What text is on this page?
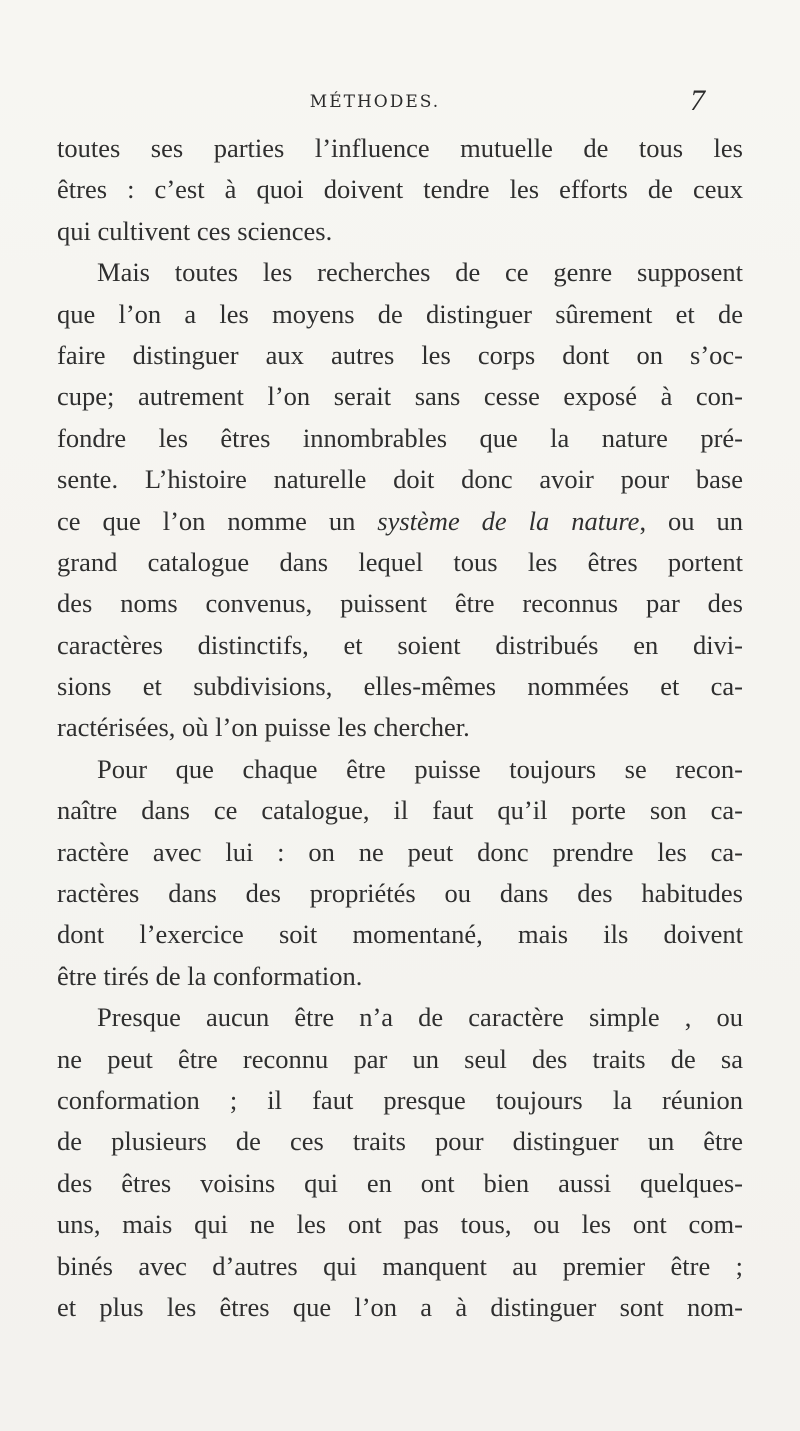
MÉTHODES.	7
toutes ses parties l’influence mutuelle de tous les
êtres : c’est à quoi doivent tendre les efforts de ceux
qui cultivent ces sciences.
Mais toutes les recherches de ce genre supposent
que l’on a les moyens de distinguer sûrement et de
faire distinguer aux autres les corps dont on s’oc-
cupe; autrement l’on serait sans cesse exposé à con-
fondre les êtres innombrables que la nature pré-
sente. L’histoire naturelle doit donc avoir pour base
ce que l’on nomme un système de la nature, ou un
grand catalogue dans lequel tous les êtres portent
des noms convenus, puissent être reconnus par des
caractères distinctifs, et soient distribués en divi-
sions et subdivisions, elles-mêmes nommées et ca-
ractérisées, où l’on puisse les chercher.
Pour que chaque être puisse toujours se recon-
naître dans ce catalogue, il faut qu’il porte son ca-
ractère avec lui : on ne peut donc prendre les ca-
ractères dans des propriétés ou dans des habitudes
dont l’exercice soit momentané, mais ils doivent
être tirés de la conformation.
Presque aucun être n’a de caractère simple , ou
ne peut être reconnu par un seul des traits de sa
conformation ; il faut presque toujours la réunion
de plusieurs de ces traits pour distinguer un être
des êtres voisins qui en ont bien aussi quelques-
uns, mais qui ne les ont pas tous, ou les ont com-
binés avec d’autres qui manquent au premier être ;
et plus les êtres que l’on a à distinguer sont nom-
